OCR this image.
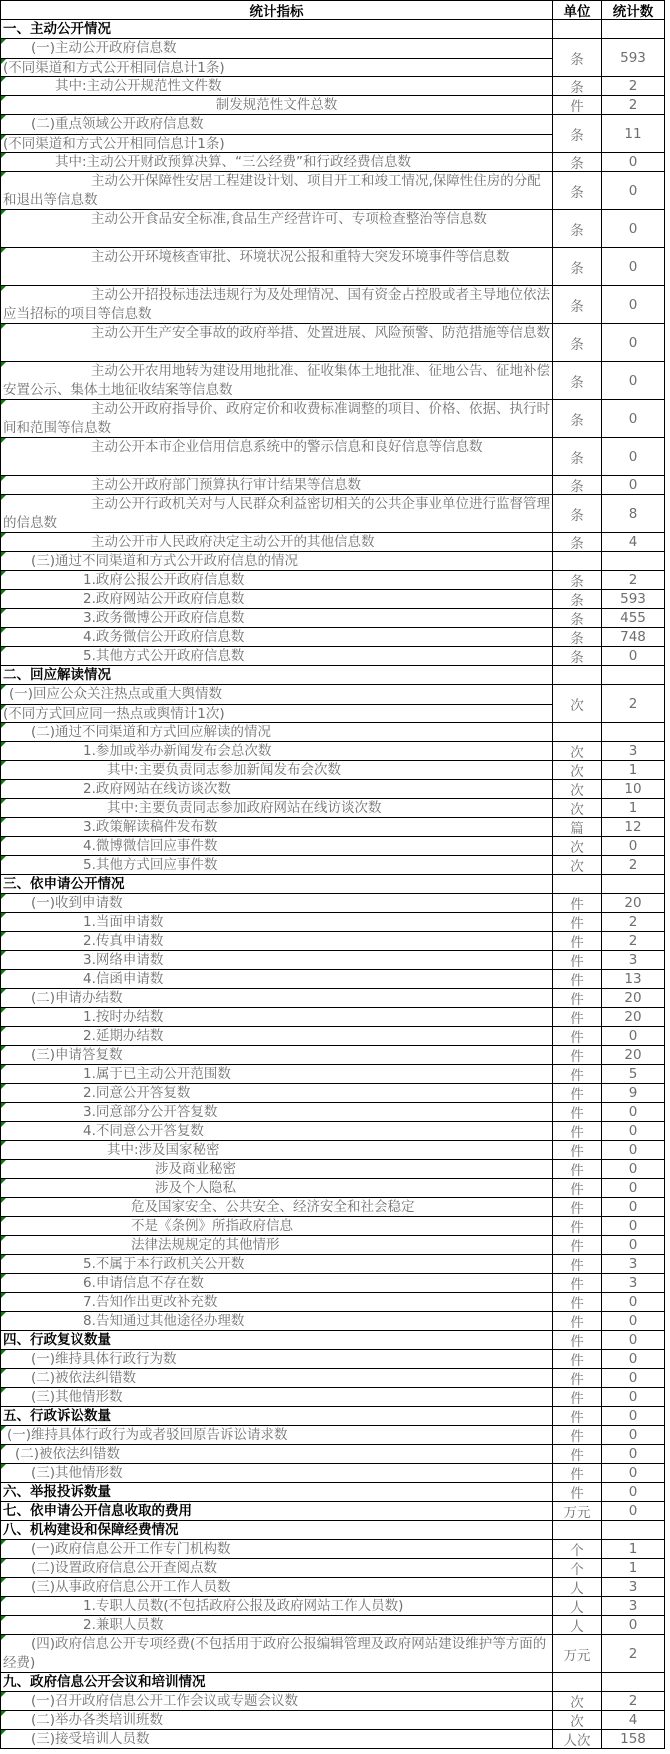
统计指标	单位	统计数
一、主动公开情况
(一)主动公开政府信息数
(不同渠道和方式公开相同信息计1条)
条	593
其中:主动公开规范性文件数	条	2
制发规范性文件总数	件	2
(二)重点领域公开政府信息数
(不同渠道和方式公开相同信息计1条)
条	11
其中:主动公开财政预算决算、“三公经费”和行政经费信息数	条	0
主动公开保障性安居工程建设计划、项目开工和竣工情况,保障性住房的分配和退出等信息数	条	0
主动公开食品安全标准,食品生产经营许可、专项检查整治等信息数
条	0
主动公开环境核查审批、环境状况公报和重特大突发环境事件等信息数
条	0
主动公开招投标违法违规行为及处理情况、国有资金占控股或者主导地位依法应当招标的项目等信息数	条	0
主动公开生产安全事故的政府举措、处置进展、风险预警、防范措施等信息数
条	0
主动公开农用地转为建设用地批准、征收集体土地批准、征地公告、征地补偿安置公示、集体土地征收结案等信息数	条	0
主动公开政府指导价、政府定价和收费标准调整的项目、价格、依据、执行时间和范围等信息数	条	0
主动公开本市企业信用信息系统中的警示信息和良好信息等信息数
条	0
主动公开政府部门预算执行审计结果等信息数	条	0
主动公开行政机关对与人民群众利益密切相关的公共企事业单位进行监督管理的信息数	条	8
主动公开市人民政府决定主动公开的其他信息数	条	4
(三)通过不同渠道和方式公开政府信息的情况
1.政府公报公开政府信息数	条	2
2.政府网站公开政府信息数	条	593
3.政务微博公开政府信息数	条	455
4.政务微信公开政府信息数	条	748
5.其他方式公开政府信息数	条	0
二、回应解读情况
(一)回应公众关注热点或重大舆情数
(不同方式回应同一热点或舆情计1次)
次	2
(二)通过不同渠道和方式回应解读的情况
1.参加或举办新闻发布会总次数	次	3
其中:主要负责同志参加新闻发布会次数	次	1
2.政府网站在线访谈次数	次	10
其中:主要负责同志参加政府网站在线访谈次数	次	1
3.政策解读稿件发布数	篇	12
4.微博微信回应事件数	次	0
5.其他方式回应事件数	次	2
三、依申请公开情况
(一)收到申请数	件	20
1.当面申请数	件	2
2.传真申请数	件	2
3.网络申请数	件	3
4.信函申请数	件	13
(二)申请办结数	件	20
1.按时办结数	件	20
2.延期办结数	件	0
(三)申请答复数	件	20
1.属于已主动公开范围数	件	5
2.同意公开答复数	件	9
3.同意部分公开答复数	件	0
4.不同意公开答复数	件	0
其中:涉及国家秘密	件	0
涉及商业秘密	件	0
涉及个人隐私	件	0
危及国家安全、公共安全、经济安全和社会稳定	件	0
不是《条例》所指政府信息	件	0
法律法规规定的其他情形	件	0
5.不属于本行政机关公开数	件	3
6.申请信息不存在数	件	3
7.告知作出更改补充数	件	0
8.告知通过其他途径办理数	件	0
四、行政复议数量	件	0
(一)维持具体行政行为数	件	0
(二)被依法纠错数	件	0
(三)其他情形数	件	0
五、行政诉讼数量	件	0
(一)维持具体行政行为或者驳回原告诉讼请求数	件	0
(二)被依法纠错数	件	0
(三)其他情形数	件	0
六、举报投诉数量	件	0
七、依申请公开信息收取的费用	万元	0
八、机构建设和保障经费情况
(一)政府信息公开工作专门机构数	个	1
(二)设置政府信息公开查阅点数	个	1
(三)从事政府信息公开工作人员数	人	3
1.专职人员数(不包括政府公报及政府网站工作人员数)	人	3
2.兼职人员数	人	0
(四)政府信息公开专项经费(不包括用于政府公报编辑管理及政府网站建设维护等方面的经费)	万元	2
九、政府信息公开会议和培训情况
(一)召开政府信息公开工作会议或专题会议数	次	2
(二)举办各类培训班数	次	4
(三)接受培训人员数	人次	158
